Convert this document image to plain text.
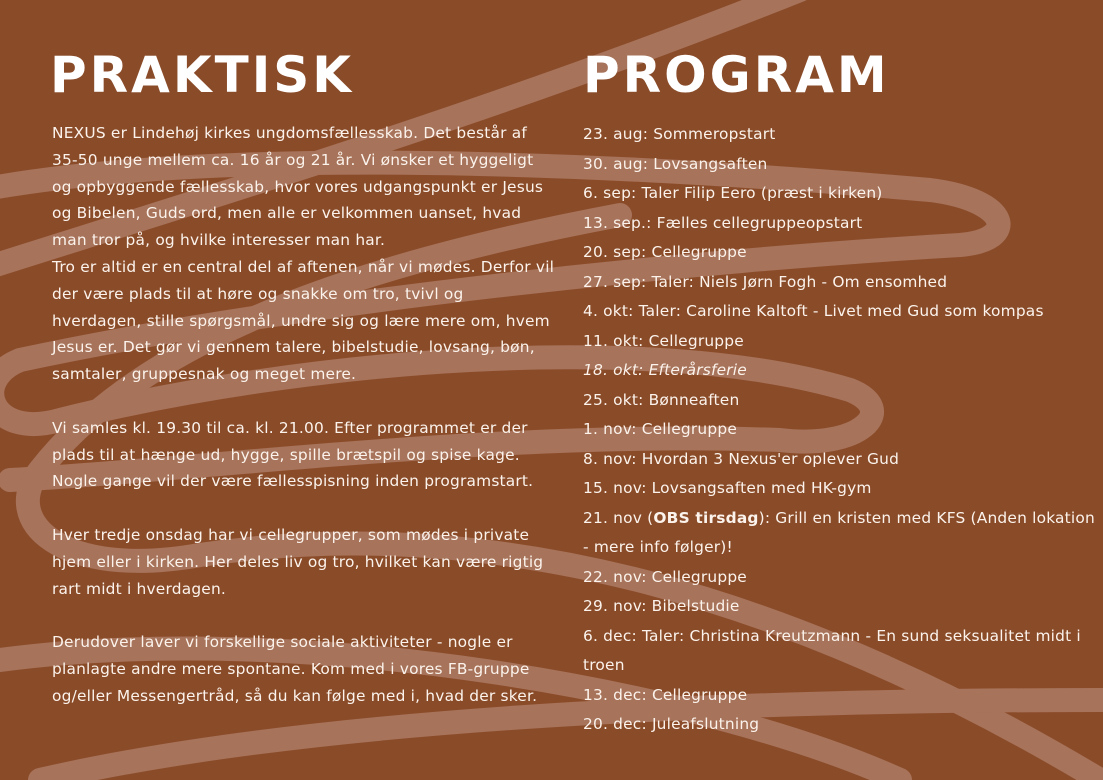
PRAKTISK	PROGRAM

NEXUS er Lindehøj kirkes ungdomsfællesskab. Det består af 35-50 unge mellem ca. 16 år og 21 år. Vi ønsker et hyggeligt og opbyggende fællesskab, hvor vores udgangspunkt er Jesus og Bibelen, Guds ord, men alle er velkommen uanset, hvad man tror på, og hvilke interesser man har.

Tro er altid er en central del af aftenen, når vi mødes. Derfor vil der være plads til at høre og snakke om tro, tvivl og hverdagen, stille spørgsmål, undre sig og lære mere om, hvem Jesus er. Det gør vi gennem talere, bibelstudie, lovsang, bøn, samtaler, gruppesnak og meget mere.

Vi samles kl. 19.30 til ca. kl. 21.00. Efter programmet er der plads til at hænge ud, hygge, spille brætspil og spise kage. Nogle gange vil der være fællesspisning inden programstart.

Hver tredje onsdag har vi cellegrupper, som mødes i private hjem eller i kirken. Her deles liv og tro, hvilket kan være rigtig rart midt i hverdagen.

Derudover laver vi forskellige sociale aktiviteter - nogle er planlagte andre mere spontane. Kom med i vores FB-gruppe og/eller Messengertråd, så du kan følge med i, hvad der sker.

23. aug: Sommeropstart
30. aug: Lovsangsaften
6. sep: Taler Filip Eero (præst i kirken)
13. sep.: Fælles cellegruppeopstart
20. sep: Cellegruppe
27. sep: Taler: Niels Jørn Fogh - Om ensomhed
4. okt: Taler: Caroline Kaltoft - Livet med Gud som kompas
11. okt: Cellegruppe
18. okt: Efterårsferie
25. okt: Bønneaften
1. nov: Cellegruppe
8. nov: Hvordan 3 Nexus'er oplever Gud
15. nov: Lovsangsaften med HK-gym
21. nov (OBS tirsdag): Grill en kristen med KFS (Anden lokation - mere info følger)!
22. nov: Cellegruppe
29. nov: Bibelstudie
6. dec: Taler: Christina Kreutzmann - En sund seksualitet midt i troen
13. dec: Cellegruppe
20. dec: Juleafslutning
